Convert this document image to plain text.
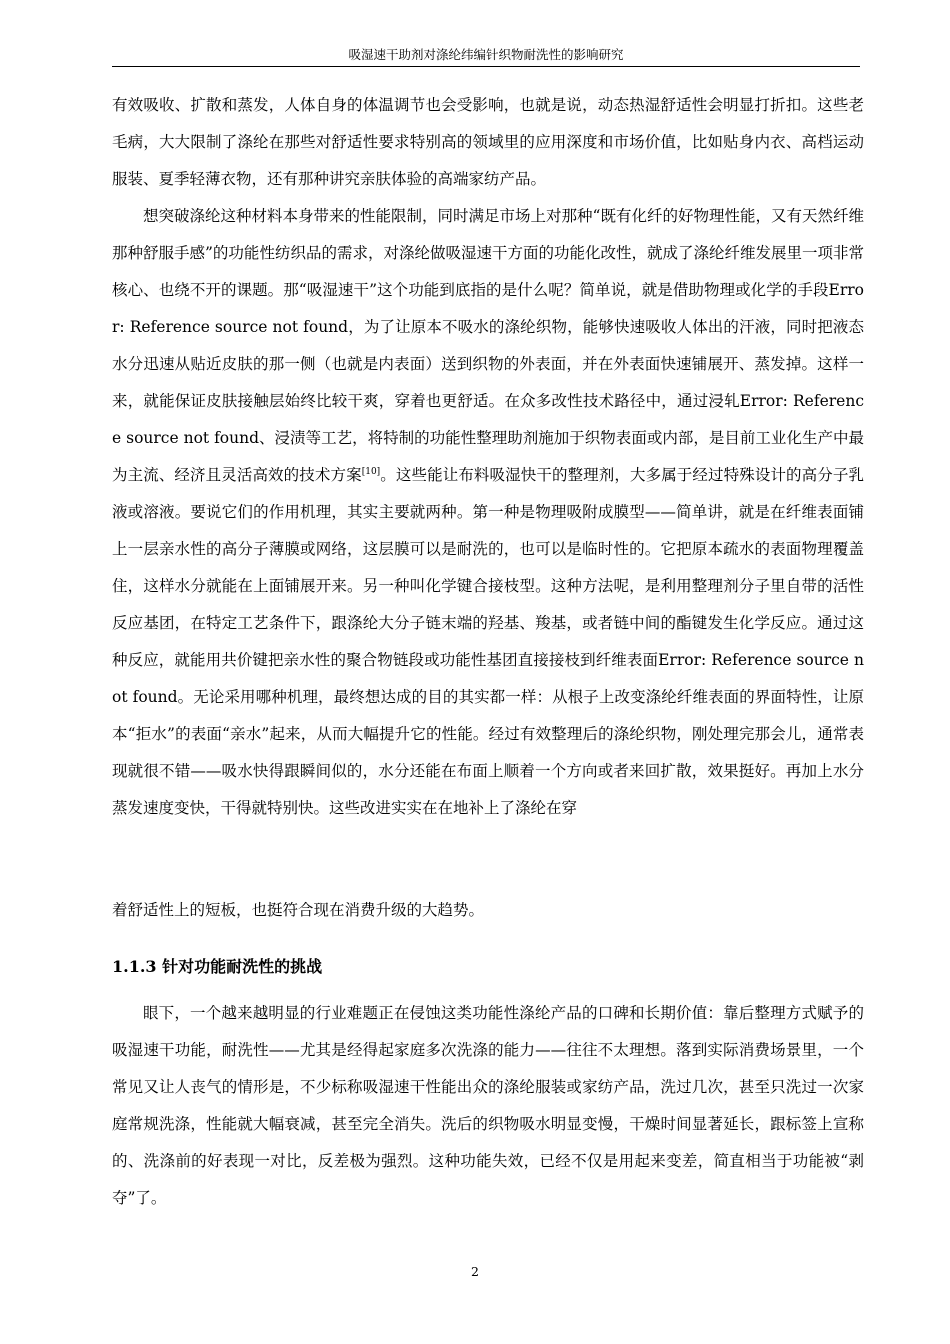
吸湿速干助剂对涤纶纬编针织物耐洗性的影响研究

有效吸收、扩散和蒸发，人体自身的体温调节也会受影响，也就是说，动态热湿舒适性会明显打折扣。这些老毛病，大大限制了涤纶在那些对舒适性要求特别高的领域里的应用深度和市场价值，比如贴身内衣、高档运动服装、夏季轻薄衣物，还有那种讲究亲肤体验的高端家纺产品。

想突破涤纶这种材料本身带来的性能限制，同时满足市场上对那种“既有化纤的好物理性能，又有天然纤维那种舒服手感”的功能性纺织品的需求，对涤纶做吸湿速干方面的功能化改性，就成了涤纶纤维发展里一项非常核心、也绕不开的课题。那“吸湿速干”这个功能到底指的是什么呢？简单说，就是借助物理或化学的手段Error: Reference source not found，为了让原本不吸水的涤纶织物，能够快速吸收人体出的汗液，同时把液态水分迅速从贴近皮肤的那一侧（也就是内表面）送到织物的外表面，并在外表面快速铺展开、蒸发掉。这样一来，就能保证皮肤接触层始终比较干爽，穿着也更舒适。在众多改性技术路径中，通过浸轧Error: Reference source not found、浸渍等工艺，将特制的功能性整理助剂施加于织物表面或内部，是目前工业化生产中最为主流、经济且灵活高效的技术方案[10]。这些能让布料吸湿快干的整理剂，大多属于经过特殊设计的高分子乳液或溶液。要说它们的作用机理，其实主要就两种。第一种是物理吸附成膜型——简单讲，就是在纤维表面铺上一层亲水性的高分子薄膜或网络，这层膜可以是耐洗的，也可以是临时性的。它把原本疏水的表面物理覆盖住，这样水分就能在上面铺展开来。另一种叫化学键合接枝型。这种方法呢，是利用整理剂分子里自带的活性反应基团，在特定工艺条件下，跟涤纶大分子链末端的羟基、羧基，或者链中间的酯键发生化学反应。通过这种反应，就能用共价键把亲水性的聚合物链段或功能性基团直接接枝到纤维表面Error: Reference source not found。无论采用哪种机理，最终想达成的目的其实都一样：从根子上改变涤纶纤维表面的界面特性，让原本“拒水”的表面“亲水”起来，从而大幅提升它的性能。经过有效整理后的涤纶织物，刚处理完那会儿，通常表现就很不错——吸水快得跟瞬间似的，水分还能在布面上顺着一个方向或者来回扩散，效果挺好。再加上水分蒸发速度变快，干得就特别快。这些改进实实在在地补上了涤纶在穿

着舒适性上的短板，也挺符合现在消费升级的大趋势。

1.1.3 针对功能耐洗性的挑战

眼下，一个越来越明显的行业难题正在侵蚀这类功能性涤纶产品的口碑和长期价值：靠后整理方式赋予的吸湿速干功能，耐洗性——尤其是经得起家庭多次洗涤的能力——往往不太理想。落到实际消费场景里，一个常见又让人丧气的情形是，不少标称吸湿速干性能出众的涤纶服装或家纺产品，洗过几次，甚至只洗过一次家庭常规洗涤，性能就大幅衰减，甚至完全消失。洗后的织物吸水明显变慢，干燥时间显著延长，跟标签上宣称的、洗涤前的好表现一对比，反差极为强烈。这种功能失效，已经不仅是用起来变差，简直相当于功能被“剥夺”了。

2
